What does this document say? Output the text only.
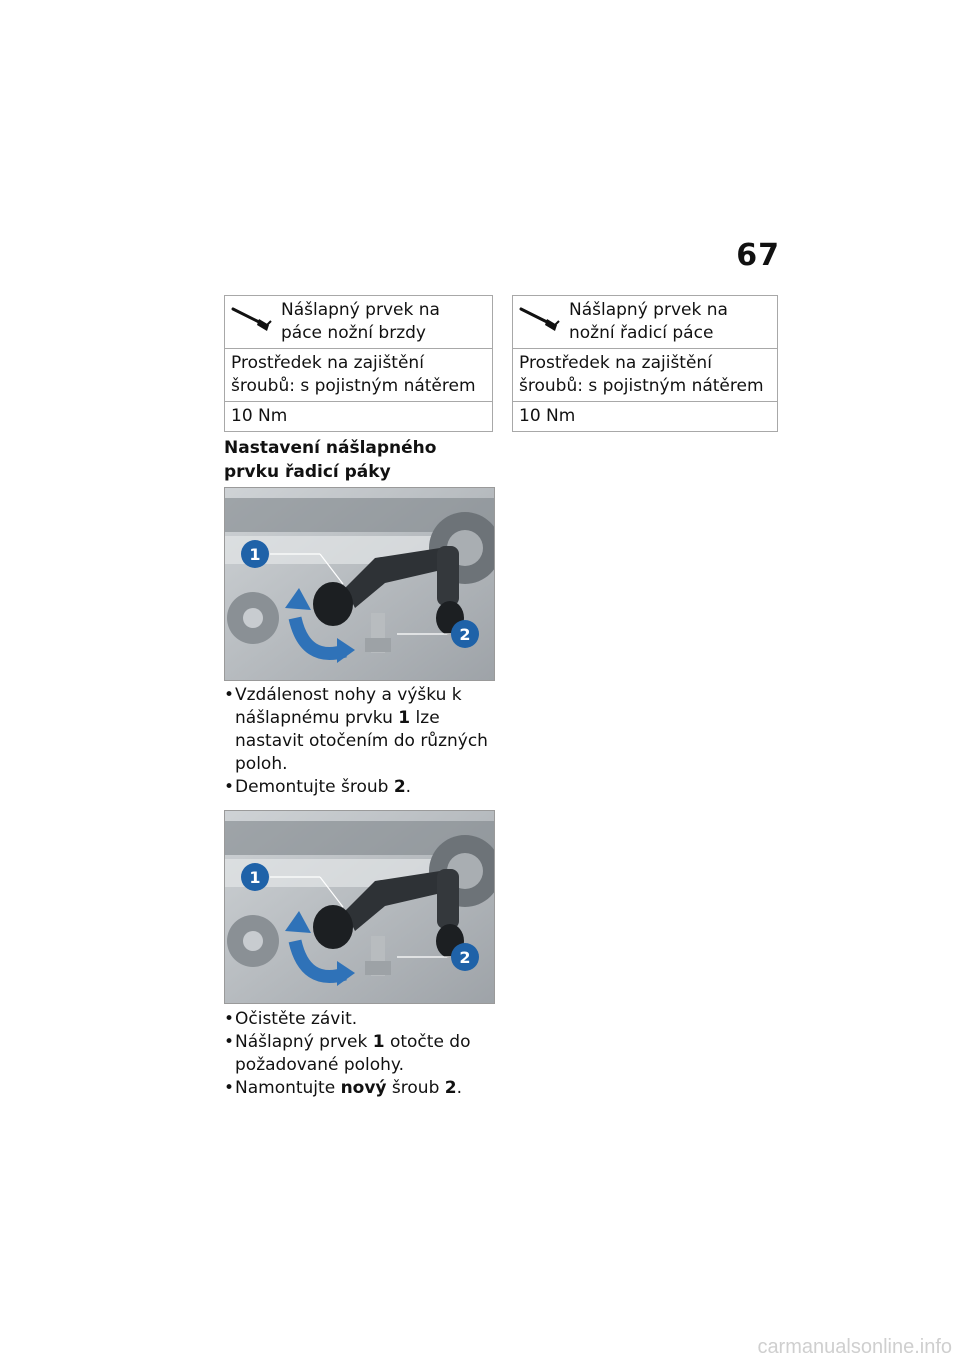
67
Nášlapný prvek na páce nožní brzdy

Prostředek na zajištění šroubů: s pojistným nátěrem
10 Nm
Nášlapný prvek na nožní řadicí páce

Prostředek na zajištění šroubů: s pojistným nátěrem
10 Nm
Nastavení nášlapného prvku řadicí páky
1
2
• Vzdálenost nohy a výšku k nášlapnému prvku 1 lze nastavit otočením do různých poloh.
• Demontujte šroub 2.
1
2
• Očistěte závit.
• Nášlapný prvek 1 otočte do požadované polohy.
• Namontujte nový šroub 2.
carmanualsonline.info
